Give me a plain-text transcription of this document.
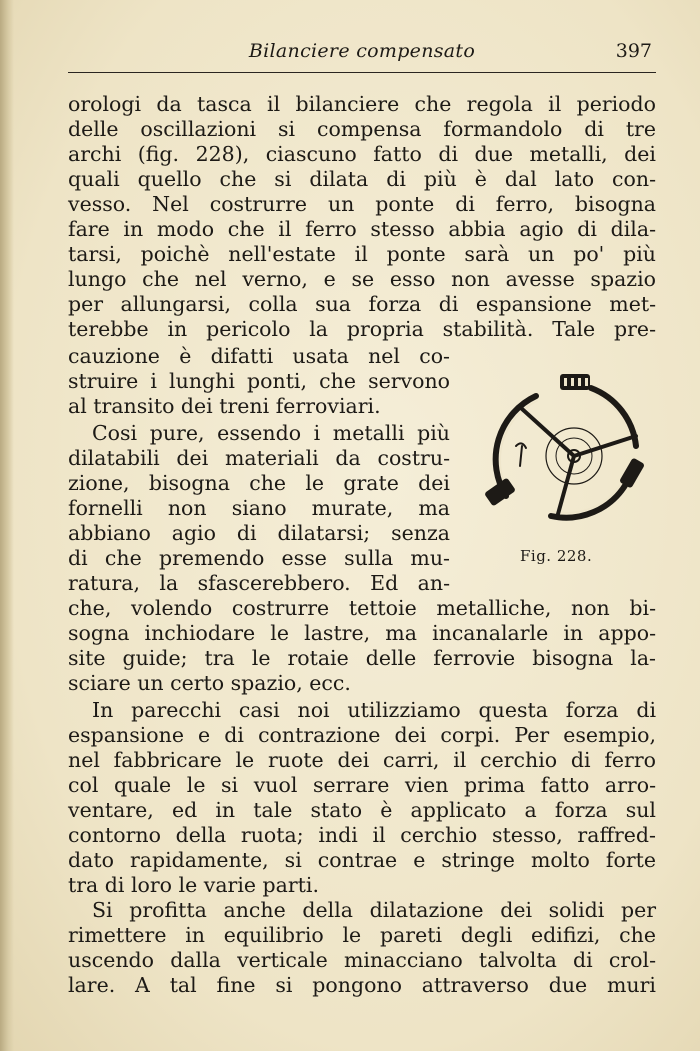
Bilanciere compensato	397
orologi da tasca il bilanciere che regola il periodo
delle oscillazioni si compensa formandolo di tre
archi (fig. 228), ciascuno fatto di due metalli, dei
quali quello che si dilata di più è dal lato con-
vesso. Nel costrurre un ponte di ferro, bisogna
fare in modo che il ferro stesso abbia agio di dila-
tarsi, poichè nell'estate il ponte sarà un po' più
lungo che nel verno, e se esso non avesse spazio
per allungarsi, colla sua forza di espansione met-
terebbe in pericolo la propria stabilità. Tale pre-
cauzione è difatti usata nel co-
struire i lunghi ponti, che servono
al transito dei treni ferroviari.
Cosi pure, essendo i metalli più
dilatabili dei materiali da costru-
zione, bisogna che le grate dei
fornelli non siano murate, ma
abbiano agio di dilatarsi; senza
di che premendo esse sulla mu-
ratura, la sfascerebbero. Ed an-
che, volendo costrurre tettoie metalliche, non bi-
sogna inchiodare le lastre, ma incanalarle in appo-
site guide; tra le rotaie delle ferrovie bisogna la-
sciare un certo spazio, ecc.
In parecchi casi noi utilizziamo questa forza di
espansione e di contrazione dei corpi. Per esempio,
nel fabbricare le ruote dei carri, il cerchio di ferro
col quale le si vuol serrare vien prima fatto arro-
ventare, ed in tale stato è applicato a forza sul
contorno della ruota; indi il cerchio stesso, raffred-
dato rapidamente, si contrae e stringe molto forte
tra di loro le varie parti.
Si profitta anche della dilatazione dei solidi per
rimettere in equilibrio le pareti degli edifizi, che
uscendo dalla verticale minacciano talvolta di crol-
lare. A tal fine si pongono attraverso due muri
Fig. 228.
